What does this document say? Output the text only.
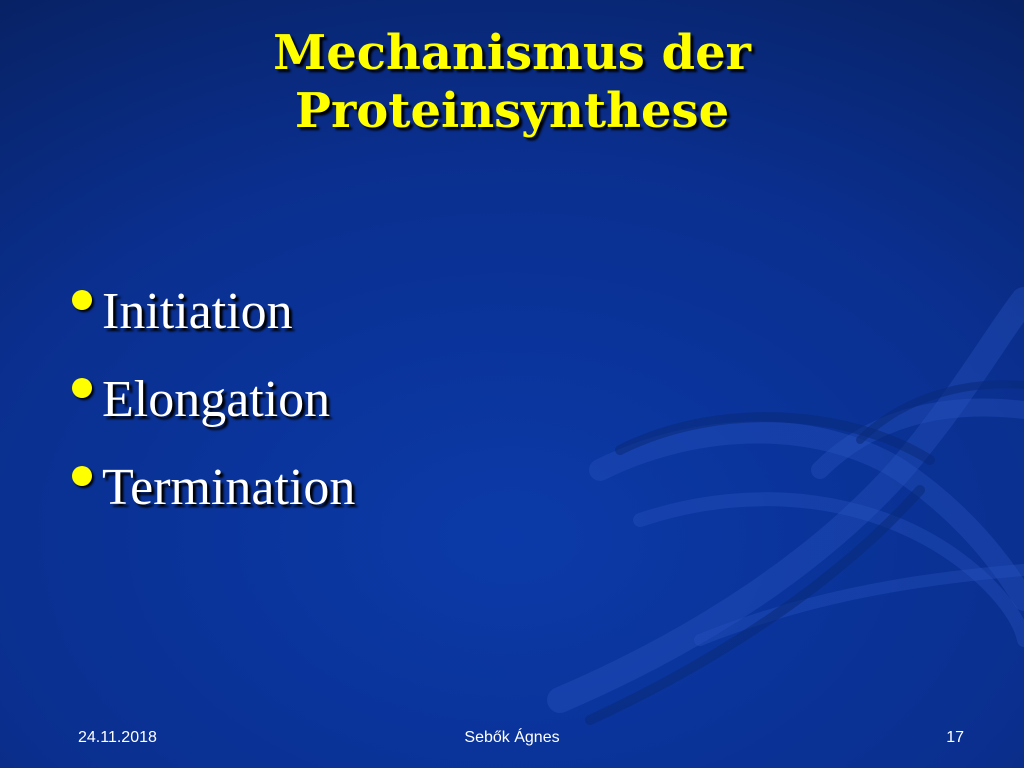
Mechanismus der
Proteinsynthese
Initiation
Elongation
Termination
24.11.2018	Sebők Ágnes	17
